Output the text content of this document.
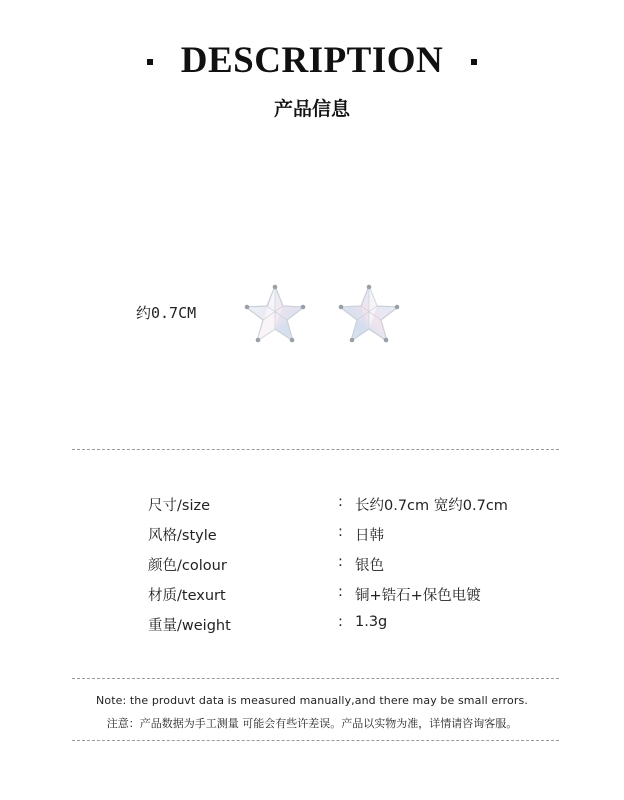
DESCRIPTION
产品信息
约0.7CM
尺寸/size	: 长约0.7cm 宽约0.7cm
风格/style	: 日韩
颜色/colour	: 银色
材质/texurt	: 铜+锆石+保色电镀
重量/weight	: 1.3g
Note: the produvt data is measured manually,and there may be small errors.
注意：产品数据为手工测量 可能会有些许差误。产品以实物为准，详情请咨询客服。
